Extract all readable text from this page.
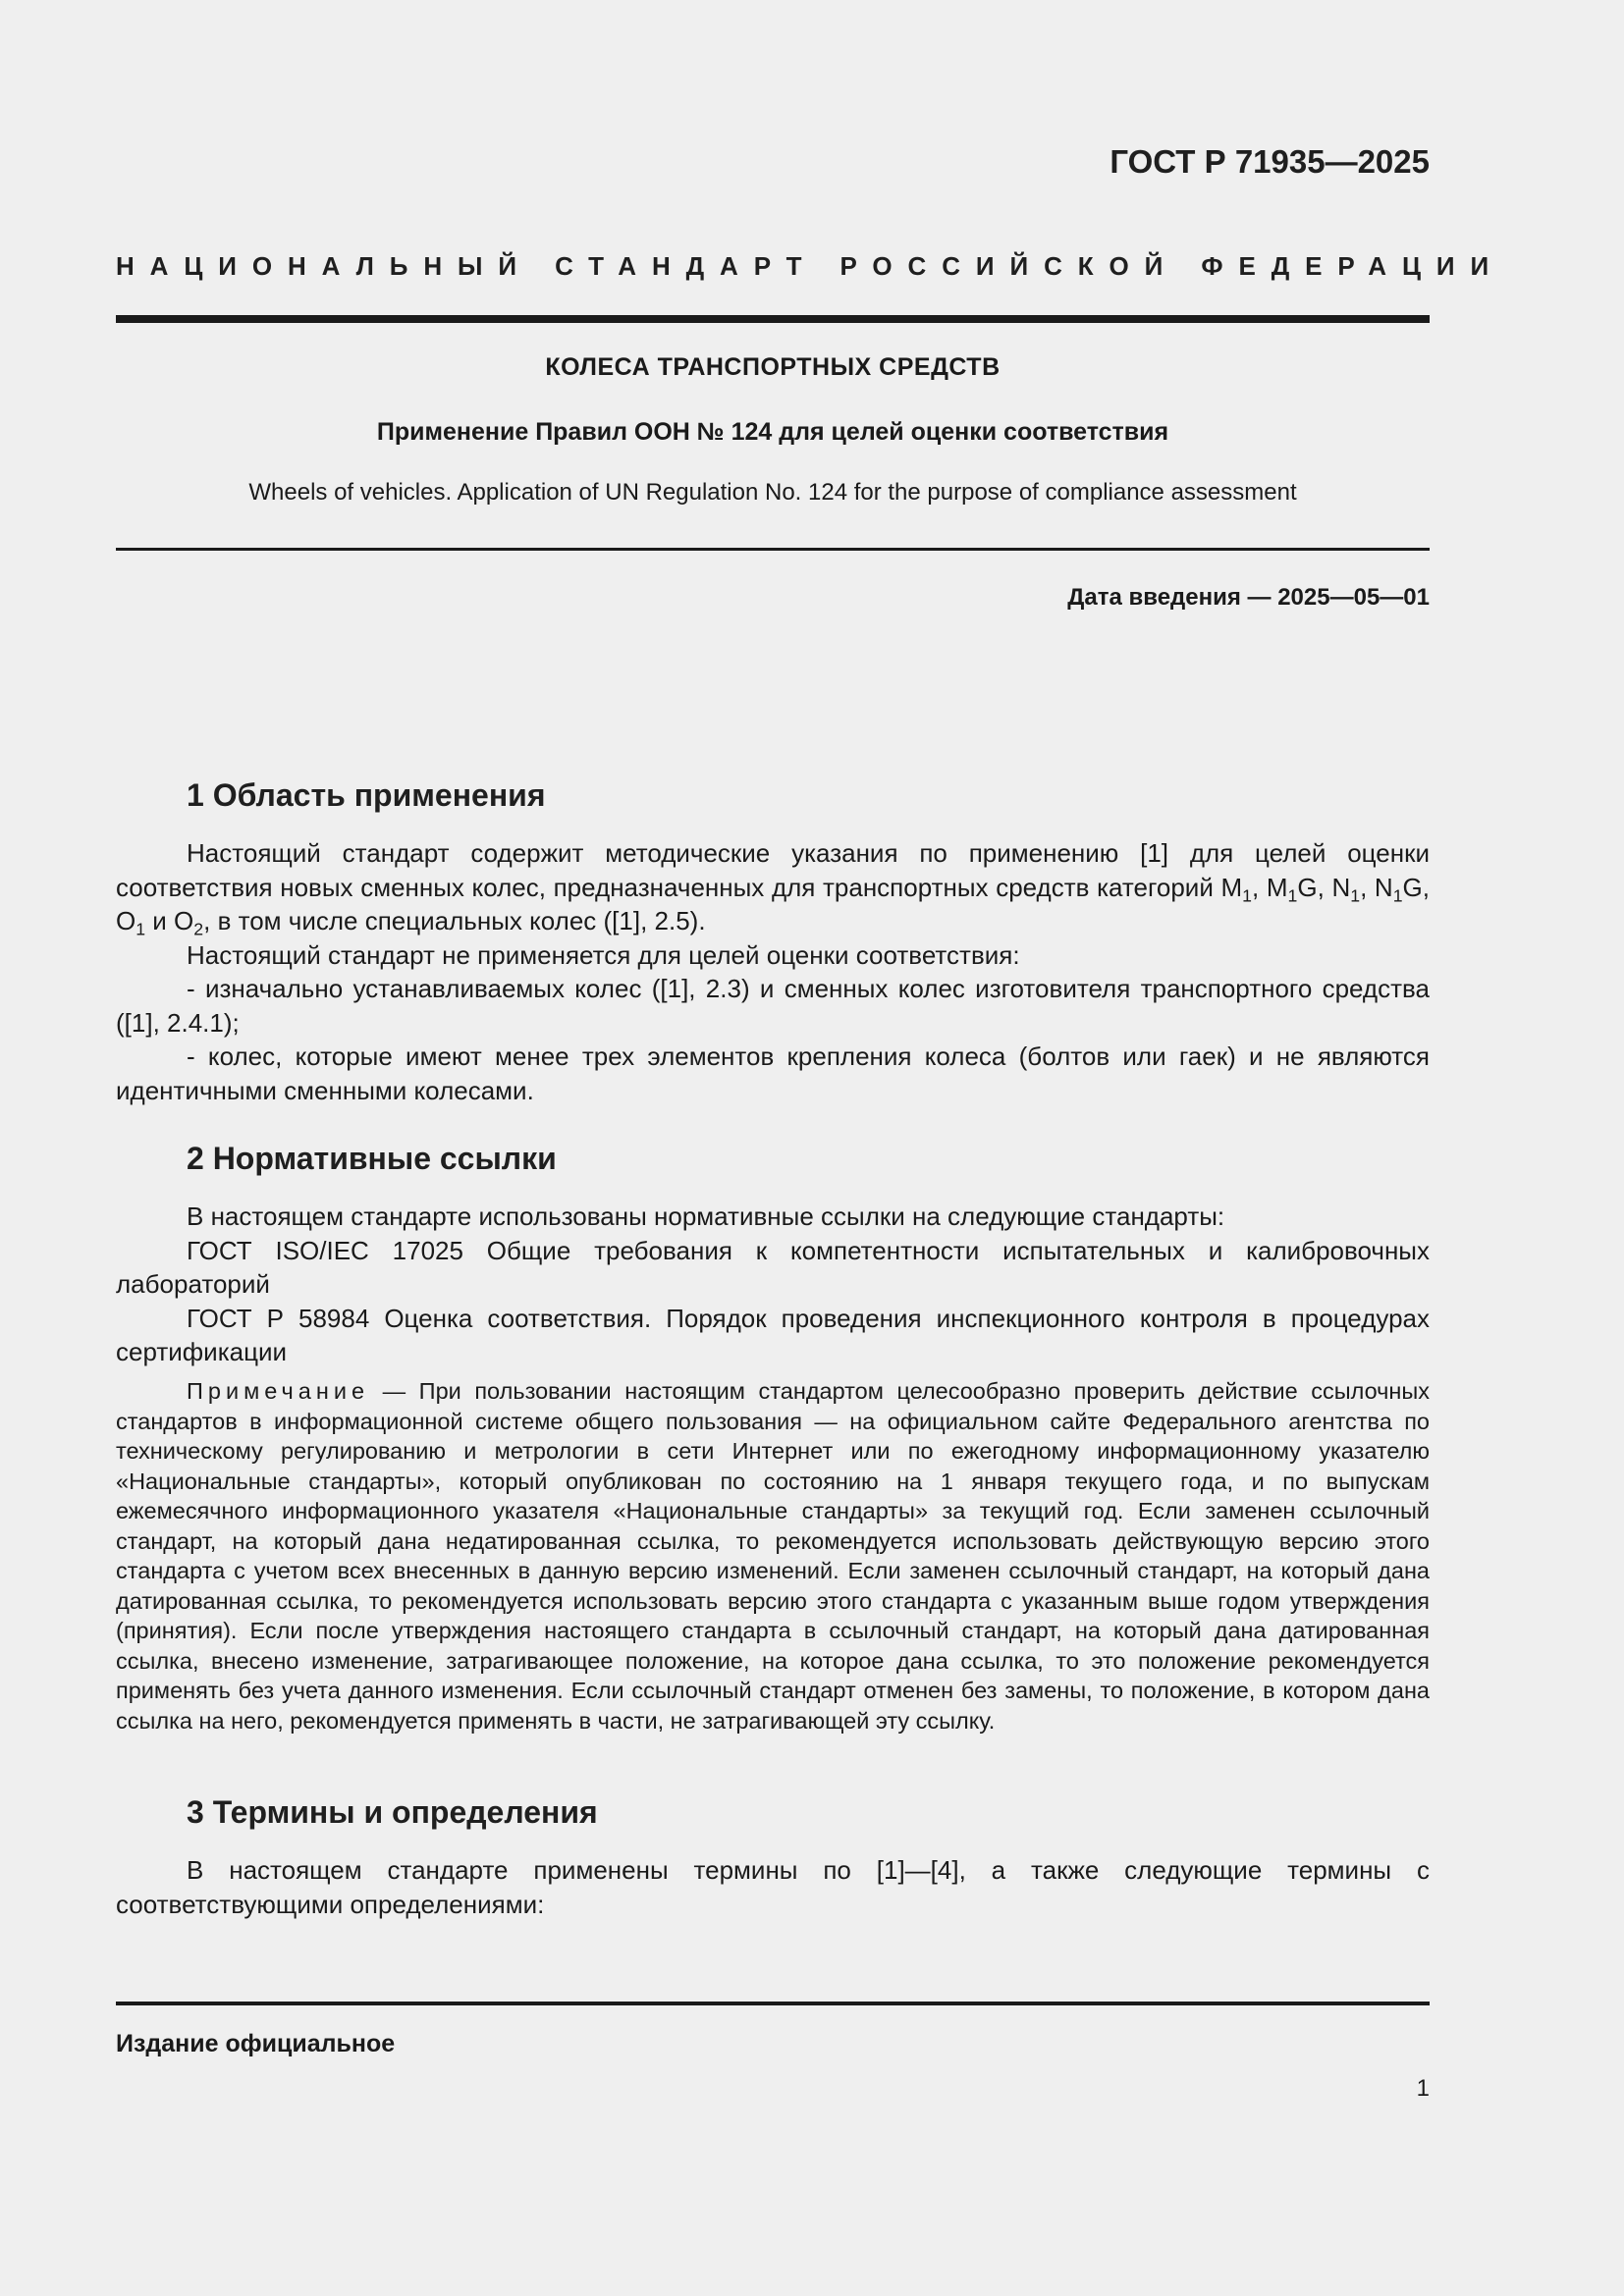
ГОСТ Р 71935—2025
НАЦИОНАЛЬНЫЙ СТАНДАРТ РОССИЙСКОЙ ФЕДЕРАЦИИ
КОЛЕСА ТРАНСПОРТНЫХ СРЕДСТВ
Применение Правил ООН № 124 для целей оценки соответствия
Wheels of vehicles. Application of UN Regulation No. 124 for the purpose of compliance assessment
Дата введения — 2025—05—01
1 Область применения

Настоящий стандарт содержит методические указания по применению [1] для целей оценки соответствия новых сменных колес, предназначенных для транспортных средств категорий $М_1$, $M_1G$, $N_1$, $N_1G$, $O_1$ и $O_2$, в том числе специальных колес ([1], 2.5).

Настоящий стандарт не применяется для целей оценки соответствия:

- изначально устанавливаемых колес ([1], 2.3) и сменных колес изготовителя транспортного средства ([1], 2.4.1);

- колес, которые имеют менее трех элементов крепления колеса (болтов или гаек) и не являются идентичными сменными колесами.

2 Нормативные ссылки

В настоящем стандарте использованы нормативные ссылки на следующие стандарты:

ГОСТ ISO/IEC 17025 Общие требования к компетентности испытательных и калибровочных лабораторий

ГОСТ Р 58984 Оценка соответствия. Порядок проведения инспекционного контроля в процедурах сертификации

Примечание — При пользовании настоящим стандартом целесообразно проверить действие ссылочных стандартов в информационной системе общего пользования — на официальном сайте Федерального агентства по техническому регулированию и метрологии в сети Интернет или по ежегодному информационному указателю «Национальные стандарты», который опубликован по состоянию на 1 января текущего года, и по выпускам ежемесячного информационного указателя «Национальные стандарты» за текущий год. Если заменен ссылочный стандарт, на который дана недатированная ссылка, то рекомендуется использовать действующую версию этого стандарта с учетом всех внесенных в данную версию изменений. Если заменен ссылочный стандарт, на который дана датированная ссылка, то рекомендуется использовать версию этого стандарта с указанным выше годом утверждения (принятия). Если после утверждения настоящего стандарта в ссылочный стандарт, на который дана датированная ссылка, внесено изменение, затрагивающее положение, на которое дана ссылка, то это положение рекомендуется применять без учета данного изменения. Если ссылочный стандарт отменен без замены, то положение, в котором дана ссылка на него, рекомендуется применять в части, не затрагивающей эту ссылку.
3 Термины и определения

В настоящем стандарте применены термины по [1]—[4], а также следующие термины с соответствующими определениями:

Издание официальное
1
